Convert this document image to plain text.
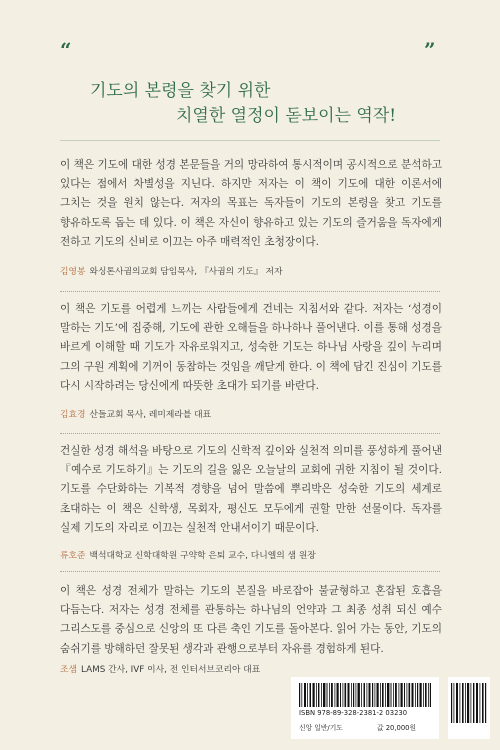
“	”
기도의 본령을 찾기 위한
치열한 열정이 돋보이는 역작!

이 책은 기도에 대한 성경 본문들을 거의 망라하여 통시적이며 공시적으로 분석하고 있다는 점에서 차별성을 지닌다. 하지만 저자는 이 책이 기도에 대한 이론서에 그치는 것을 원치 않는다. 저자의 목표는 독자들이 기도의 본령을 찾고 기도를 향유하도록 돕는 데 있다. 이 책은 자신이 향유하고 있는 기도의 즐거움을 독자에게 전하고 기도의 신비로 이끄는 아주 매력적인 초청장이다.

김영봉 와싱톤사귐의교회 담임목사, 『사귐의 기도』 저자

이 책은 기도를 어렵게 느끼는 사람들에게 건네는 지침서와 같다. 저자는 ‘성경이 말하는 기도’에 집중해, 기도에 관한 오해들을 하나하나 풀어낸다. 이를 통해 성경을 바르게 이해할 때 기도가 자유로워지고, 성숙한 기도는 하나님 사랑을 깊이 누리며 그의 구원 계획에 기꺼이 동참하는 것임을 깨닫게 한다. 이 책에 담긴 진심이 기도를 다시 시작하려는 당신에게 따뜻한 초대가 되기를 바란다.

김효경 산들교회 목사, 레미제라블 대표

건실한 성경 해석을 바탕으로 기도의 신학적 깊이와 실천적 의미를 풍성하게 풀어낸 『예수로 기도하기』는 기도의 길을 잃은 오늘날의 교회에 귀한 지침이 될 것이다. 기도를 수단화하는 기복적 경향을 넘어 말씀에 뿌리박은 성숙한 기도의 세계로 초대하는 이 책은 신학생, 목회자, 평신도 모두에게 권할 만한 선물이다. 독자를 실제 기도의 자리로 이끄는 실천적 안내서이기 때문이다.

류호준 백석대학교 신학대학원 구약학 은퇴 교수, 다니엘의 샘 원장

이 책은 성경 전체가 말하는 기도의 본질을 바로잡아 불균형하고 혼잡된 호흡을 다듬는다. 저자는 성경 전체를 관통하는 하나님의 언약과 그 최종 성취 되신 예수 그리스도를 중심으로 신앙의 또 다른 축인 기도를 돌아본다. 읽어 가는 동안, 기도의 숨쉬기를 방해하던 잘못된 생각과 관행으로부터 자유를 경험하게 된다.

조샘 LAMS 간사, IVF 이사, 전 인터서브코리아 대표
ISBN 978-89-328-2381-2 03230
신앙 일반/기도	값 20,000원
